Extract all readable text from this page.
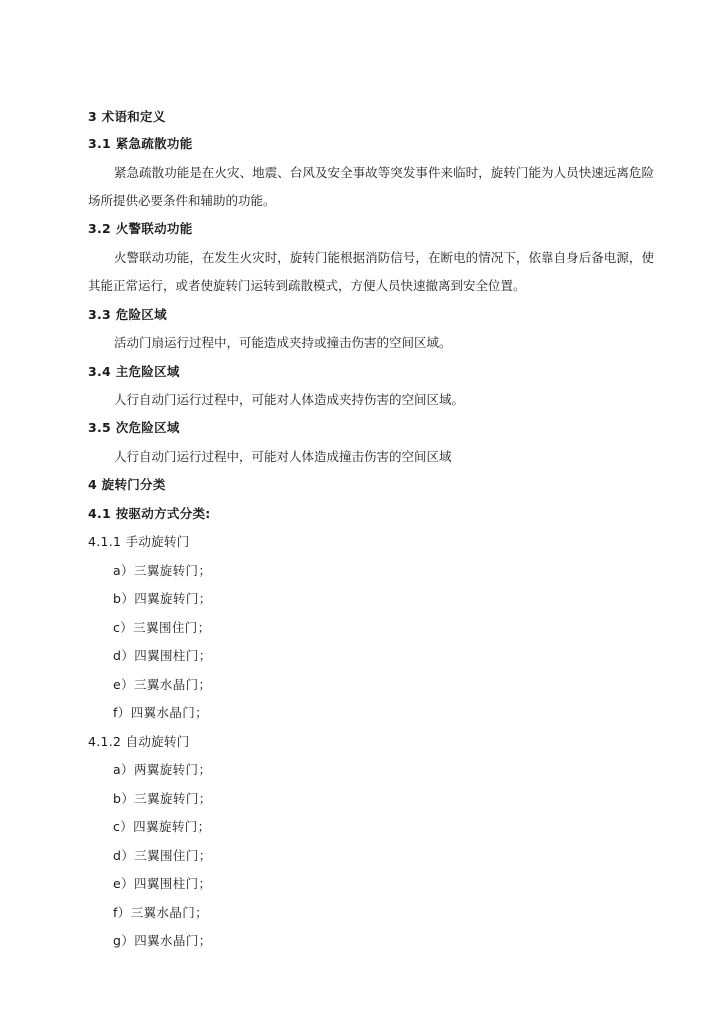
3 术语和定义
3.1 紧急疏散功能
紧急疏散功能是在火灾、地震、台风及安全事故等突发事件来临时，旋转门能为人员快速远离危险
场所提供必要条件和辅助的功能。
3.2 火警联动功能
火警联动功能，在发生火灾时，旋转门能根据消防信号，在断电的情况下，依靠自身后备电源，使
其能正常运行，或者使旋转门运转到疏散模式，方便人员快速撤离到安全位置。
3.3 危险区域
活动门扇运行过程中，可能造成夹持或撞击伤害的空间区域。
3.4 主危险区域
人行自动门运行过程中，可能对人体造成夹持伤害的空间区域。
3.5 次危险区域
人行自动门运行过程中，可能对人体造成撞击伤害的空间区域
4 旋转门分类
4.1 按驱动方式分类:
4.1.1 手动旋转门
a）三翼旋转门；
b）四翼旋转门；
c）三翼围住门；
d）四翼围柱门；
e）三翼水晶门；
f）四翼水晶门；
4.1.2 自动旋转门
a）两翼旋转门；
b）三翼旋转门；
c）四翼旋转门；
d）三翼围住门；
e）四翼围柱门；
f）三翼水晶门；
g）四翼水晶门；
